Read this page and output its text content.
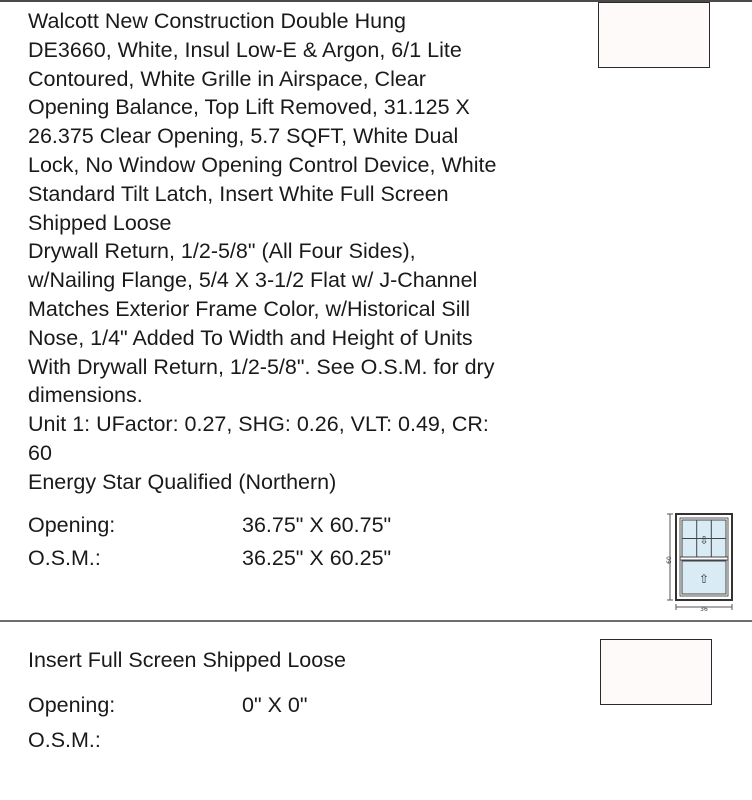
Walcott New Construction Double Hung
DE3660, White, Insul Low-E & Argon, 6/1 Lite
Contoured, White Grille in Airspace, Clear
Opening Balance, Top Lift Removed, 31.125 X
26.375 Clear Opening, 5.7 SQFT, White Dual
Lock, No Window Opening Control Device, White
Standard Tilt Latch, Insert White Full Screen
Shipped Loose
Drywall Return, 1/2-5/8" (All Four Sides),
w/Nailing Flange, 5/4 X 3-1/2 Flat w/ J-Channel
Matches Exterior Frame Color, w/Historical Sill
Nose, 1/4" Added To Width and Height of Units
With Drywall Return, 1/2-5/8". See O.S.M. for dry
dimensions.
Unit 1: UFactor: 0.27, SHG: 0.26, VLT: 0.49, CR:
60
Energy Star Qualified (Northern)

Opening:	36.75" X 60.75"
O.S.M.:	36.25" X 60.25"
⇩
⇧
60
36
Insert Full Screen Shipped Loose
Opening:	0" X 0"
O.S.M.:
